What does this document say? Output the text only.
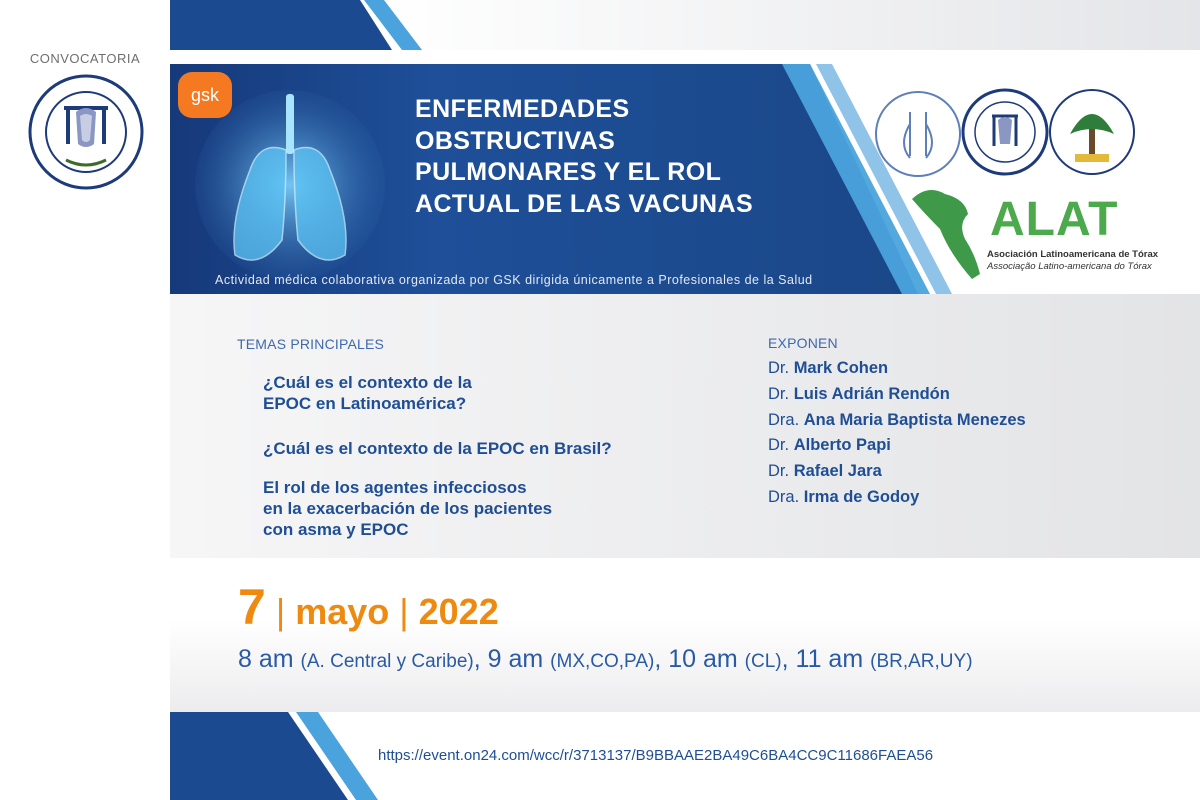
CONVOCATORIA
gsk	ENFERMEDADES
OBSTRUCTIVAS
PULMONARES Y EL ROL
ACTUAL DE LAS VACUNAS
Actividad médica colaborativa organizada por GSK dirigida únicamente a Profesionales de la Salud
ALAT
Asociación Latinoamericana de Tórax
Associação Latino-americana do Tórax
TEMAS PRINCIPALES
¿Cuál es el contexto de la
EPOC en Latinoamérica?
¿Cuál es el contexto de la EPOC en Brasil?
El rol de los agentes infecciosos
en la exacerbación de los pacientes
con asma y EPOC
EXPONEN
Dr. Mark Cohen
Dr. Luis Adrián Rendón
Dra. Ana Maria Baptista Menezes
Dr. Alberto Papi
Dr. Rafael Jara
Dra. Irma de Godoy
7 | mayo | 2022
8 am (A. Central y Caribe), 9 am (MX,CO,PA), 10 am (CL), 11 am (BR,AR,UY)
https://event.on24.com/wcc/r/3713137/B9BBAAE2BA49C6BA4CC9C11686FAEA56
